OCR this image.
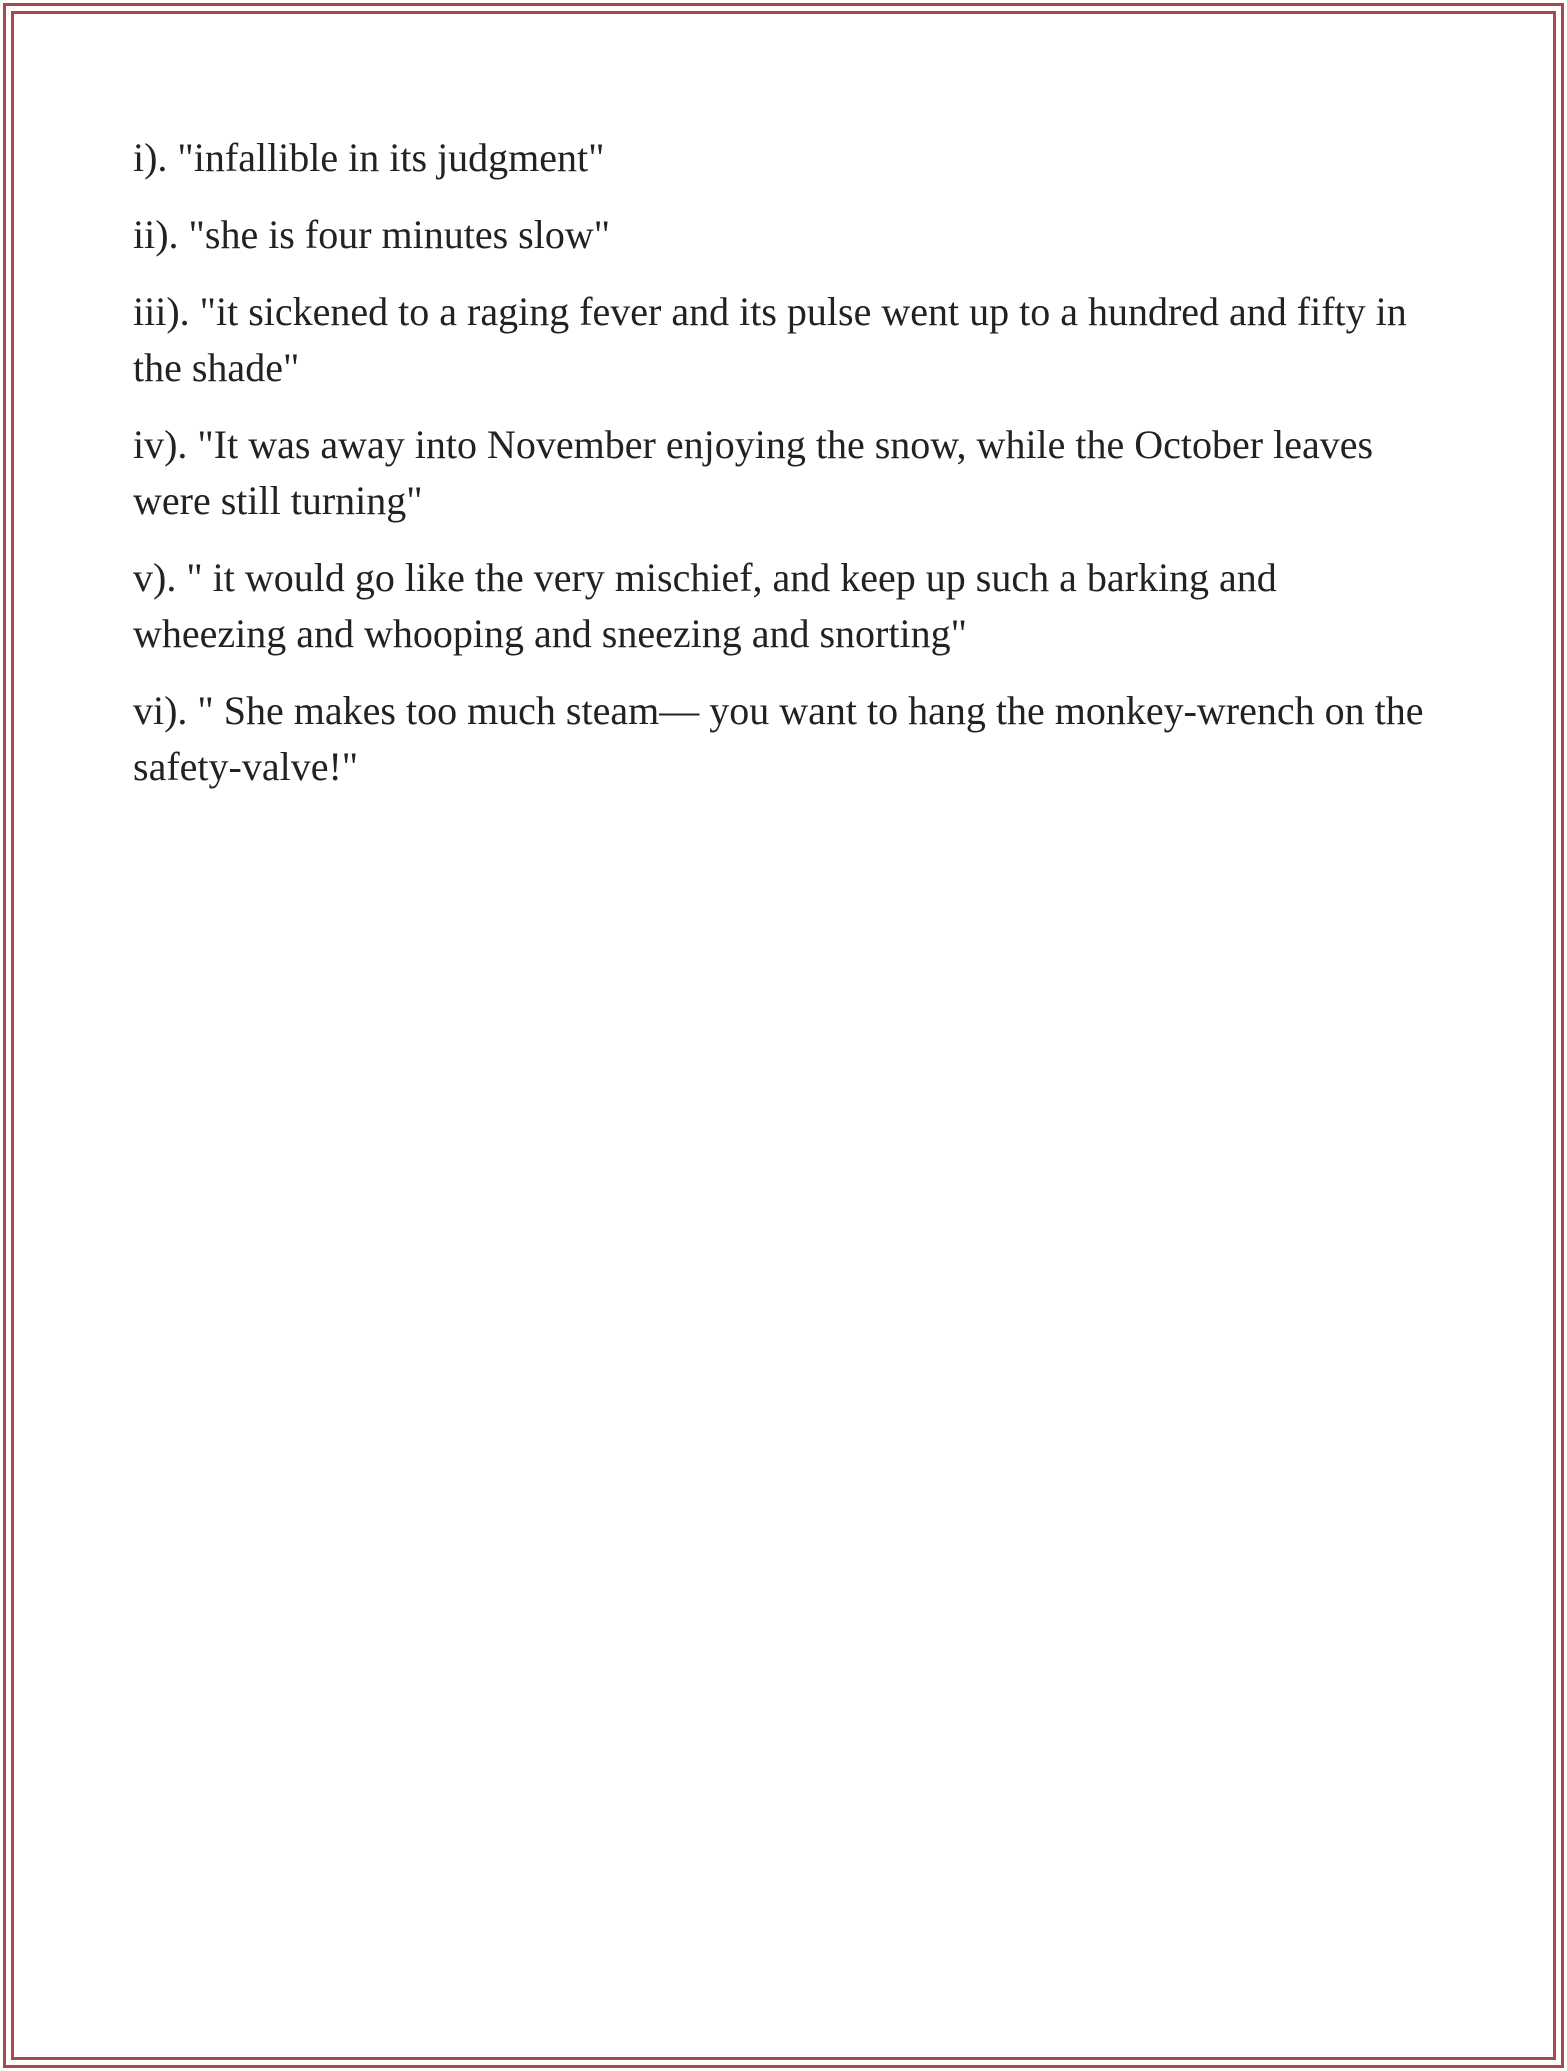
i). "infallible in its judgment"

ii). "she is four minutes slow"

iii). "it sickened to a raging fever and its pulse went up to a hundred and fifty in the shade"

iv). "It was away into November enjoying the snow, while the October leaves were still turning"

v). " it would go like the very mischief, and keep up such a barking and wheezing and whooping and sneezing and snorting"

vi). " She makes too much steam— you want to hang the monkey-wrench on the safety-valve!"
